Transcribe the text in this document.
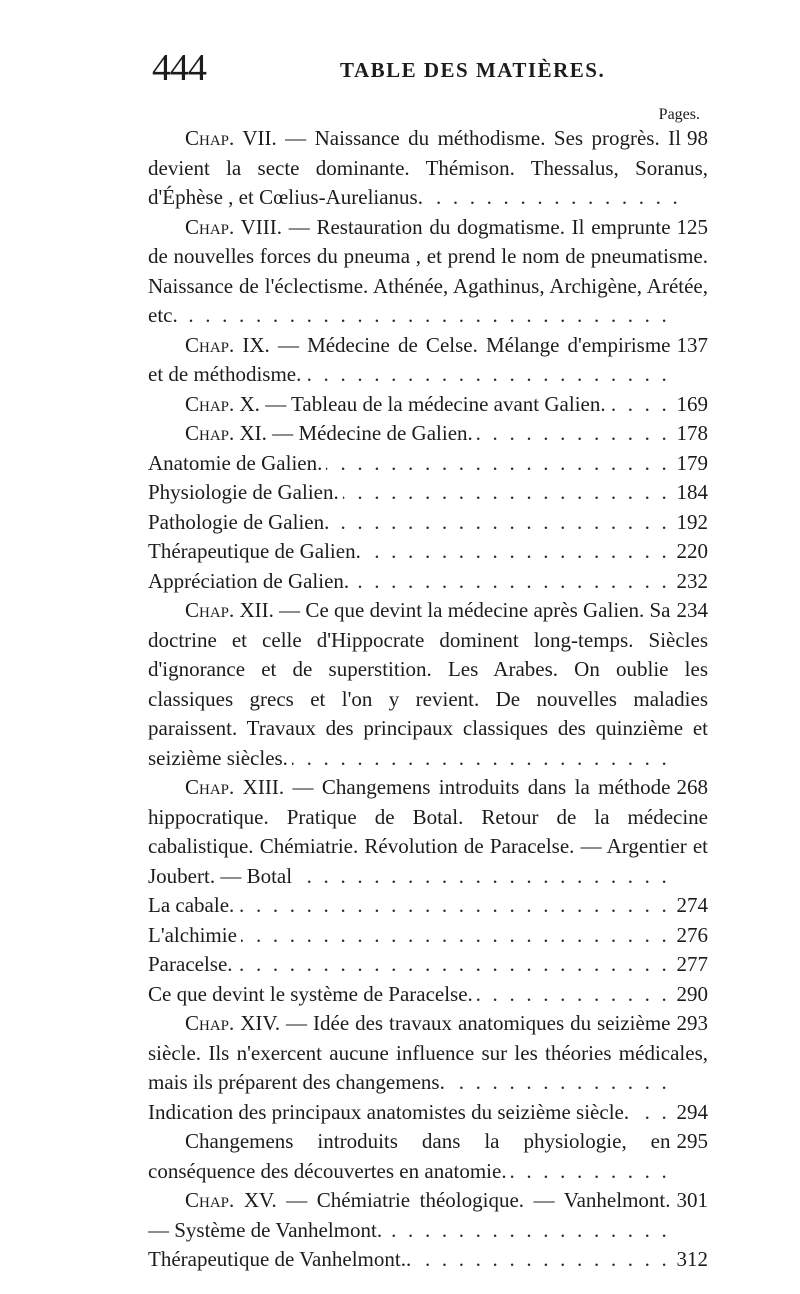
444	TABLE DES MATIÈRES.
Pages.
98
Chap. VII. — Naissance du méthodisme. Ses progrès. Il devient la secte dominante. Thémison. Thessalus, Soranus, d'Éphèse , et Cœlius-Aurelianus.
. . .
125
Chap. VIII. — Restauration du dogmatisme. Il emprunte de nouvelles forces du pneuma , et prend le nom de pneumatisme. Naissance de l'éclectisme. Athénée, Agathinus, Archigène, Arétée, etc.
. . .
137
Chap. IX. — Médecine de Celse. Mélange d'empirisme et de méthodisme.
. . .
169
Chap. X. — Tableau de la médecine avant Galien.
. . .
178
Chap. XI. — Médecine de Galien.
. . .
179
Anatomie de Galien.
. . .
184
Physiologie de Galien.
. . .
192
Pathologie de Galien.
. . .
220
Thérapeutique de Galien.
. . .
232
Appréciation de Galien.
. . .
234
Chap. XII. — Ce que devint la médecine après Galien. Sa doctrine et celle d'Hippocrate dominent long-temps. Siècles d'ignorance et de superstition. Les Arabes. On oublie les classiques grecs et l'on y revient. De nouvelles maladies paraissent. Travaux des principaux classiques des quinzième et seizième siècles.
. . .
268
Chap. XIII. — Changemens introduits dans la méthode hippocratique. Pratique de Botal. Retour de la médecine cabalistique. Chémiatrie. Révolution de Paracelse. — Argentier et Joubert. — Botal
. . .
274
La cabale.
. . .
276
L'alchimie
. . .
277
Paracelse.
. . .
290
Ce que devint le système de Paracelse.
. . .
293
Chap. XIV. — Idée des travaux anatomiques du seizième siècle. Ils n'exercent aucune influence sur les théories médicales, mais ils préparent des changemens.
. . .
294
Indication des principaux anatomistes du seizième siècle.
. . .
295
Changemens introduits dans la physiologie, en conséquence des découvertes en anatomie.
. . .
301
Chap. XV. — Chémiatrie théologique. — Vanhelmont. — Système de Vanhelmont.
. . .
312
Thérapeutique de Vanhelmont..
. . .
